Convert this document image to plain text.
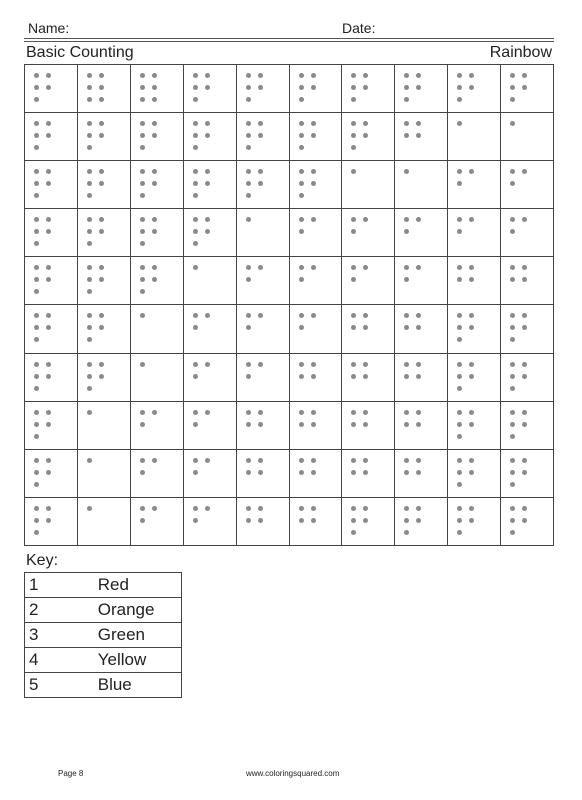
Name:	Date:
Basic Counting	Rainbow
Key:
1	Red
2	Orange
3	Green
4	Yellow
5	Blue
Page 8	www.coloringsquared.com
